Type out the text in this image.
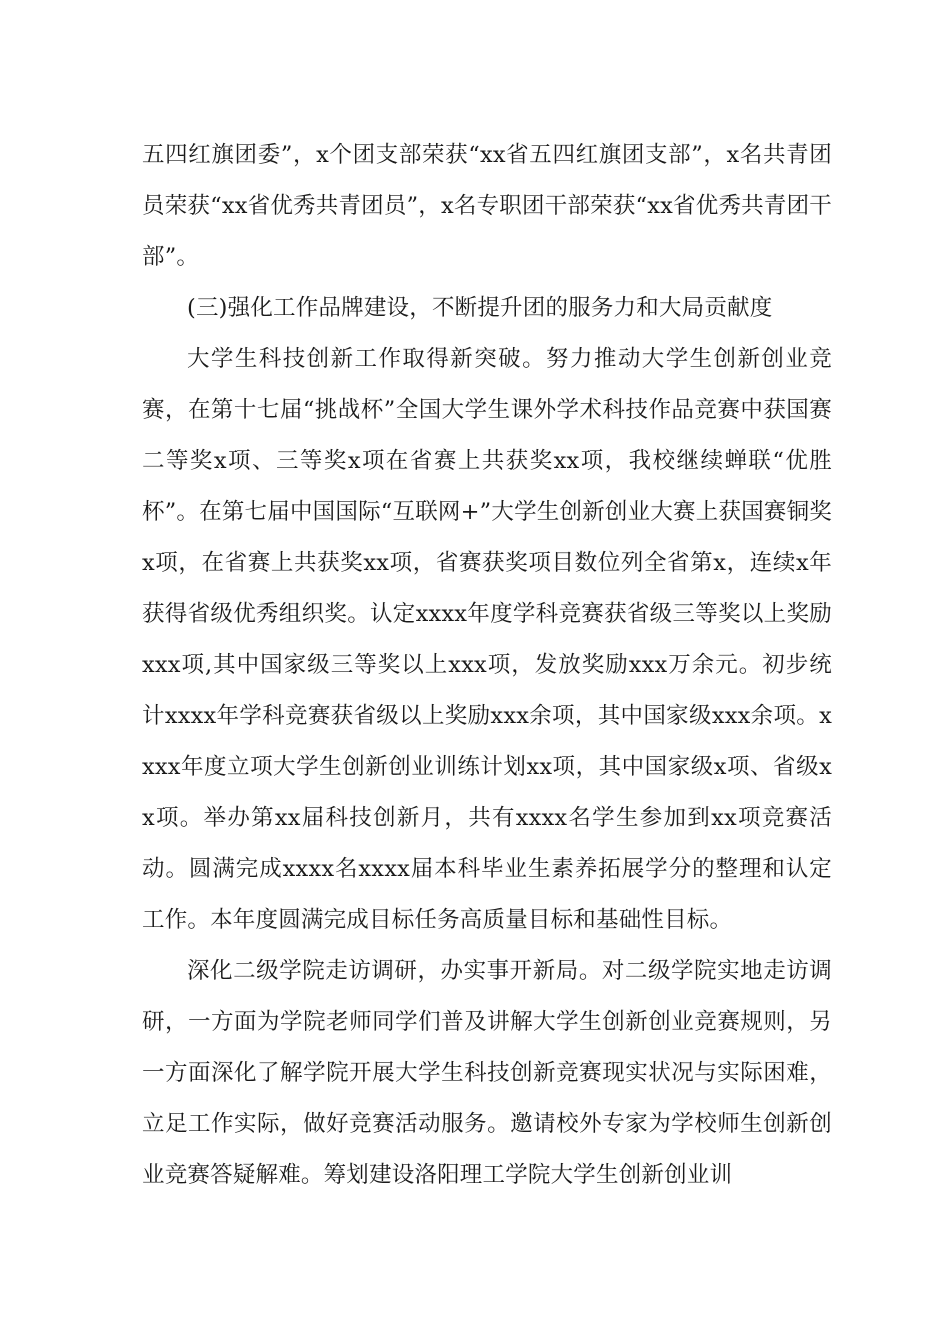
五四红旗团委”，x个团支部荣获“xx省五四红旗团支部”，x名共青团员荣获“xx省优秀共青团员”，x名专职团干部荣获“xx省优秀共青团干部”。

(三)强化工作品牌建设，不断提升团的服务力和大局贡献度

大学生科技创新工作取得新突破。努力推动大学生创新创业竞赛，在第十七届“挑战杯”全国大学生课外学术科技作品竞赛中获国赛二等奖x项、三等奖x项在省赛上共获奖xx项，我校继续蝉联“优胜杯”。在第七届中国国际“互联网+”大学生创新创业大赛上获国赛铜奖x项，在省赛上共获奖xx项，省赛获奖项目数位列全省第x，连续x年获得省级优秀组织奖。认定xxxx年度学科竞赛获省级三等奖以上奖励xxx项,其中国家级三等奖以上xxx项，发放奖励xxx万余元。初步统计xxxx年学科竞赛获省级以上奖励xxx余项，其中国家级xxx余项。xxxx年度立项大学生创新创业训练计划xx项，其中国家级x项、省级xx项。举办第xx届科技创新月，共有xxxx名学生参加到xx项竞赛活动。圆满完成xxxx名xxxx届本科毕业生素养拓展学分的整理和认定工作。本年度圆满完成目标任务高质量目标和基础性目标。

深化二级学院走访调研，办实事开新局。对二级学院实地走访调研，一方面为学院老师同学们普及讲解大学生创新创业竞赛规则，另一方面深化了解学院开展大学生科技创新竞赛现实状况与实际困难，立足工作实际，做好竞赛活动服务。邀请校外专家为学校师生创新创业竞赛答疑解难。筹划建设洛阳理工学院大学生创新创业训
